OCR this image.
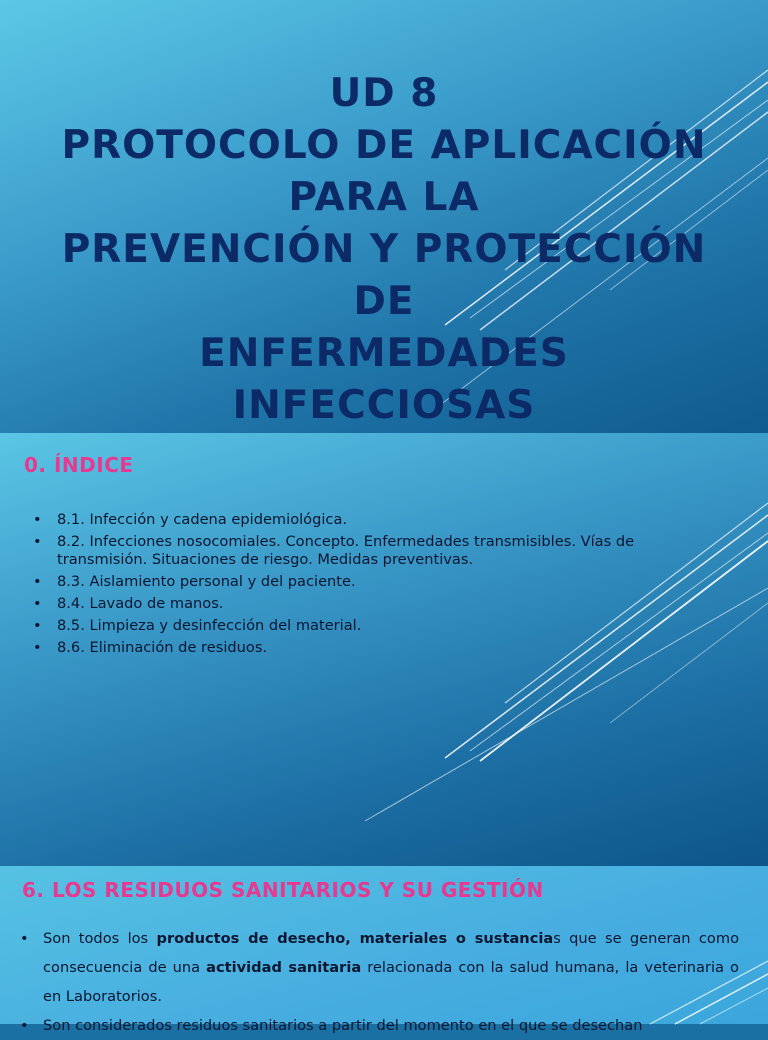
UD 8
PROTOCOLO DE APLICACIÓN
PARA LA
PREVENCIÓN Y PROTECCIÓN
DE
ENFERMEDADES
INFECCIOSAS
0. ÍNDICE
• 8.1. Infección y cadena epidemiológica.
• 8.2. Infecciones nosocomiales. Concepto. Enfermedades transmisibles. Vías de transmisión. Situaciones de riesgo. Medidas preventivas.
• 8.3. Aislamiento personal y del paciente.
• 8.4. Lavado de manos.
• 8.5. Limpieza y desinfección del material.
• 8.6. Eliminación de residuos.
6. LOS RESIDUOS SANITARIOS Y SU GESTIÓN
• Son todos los productos de desecho, materiales o sustancias que se generan como consecuencia de una actividad sanitaria relacionada con la salud humana, la veterinaria o en Laboratorios.
• Son considerados residuos sanitarios a partir del momento en el que se desechan
